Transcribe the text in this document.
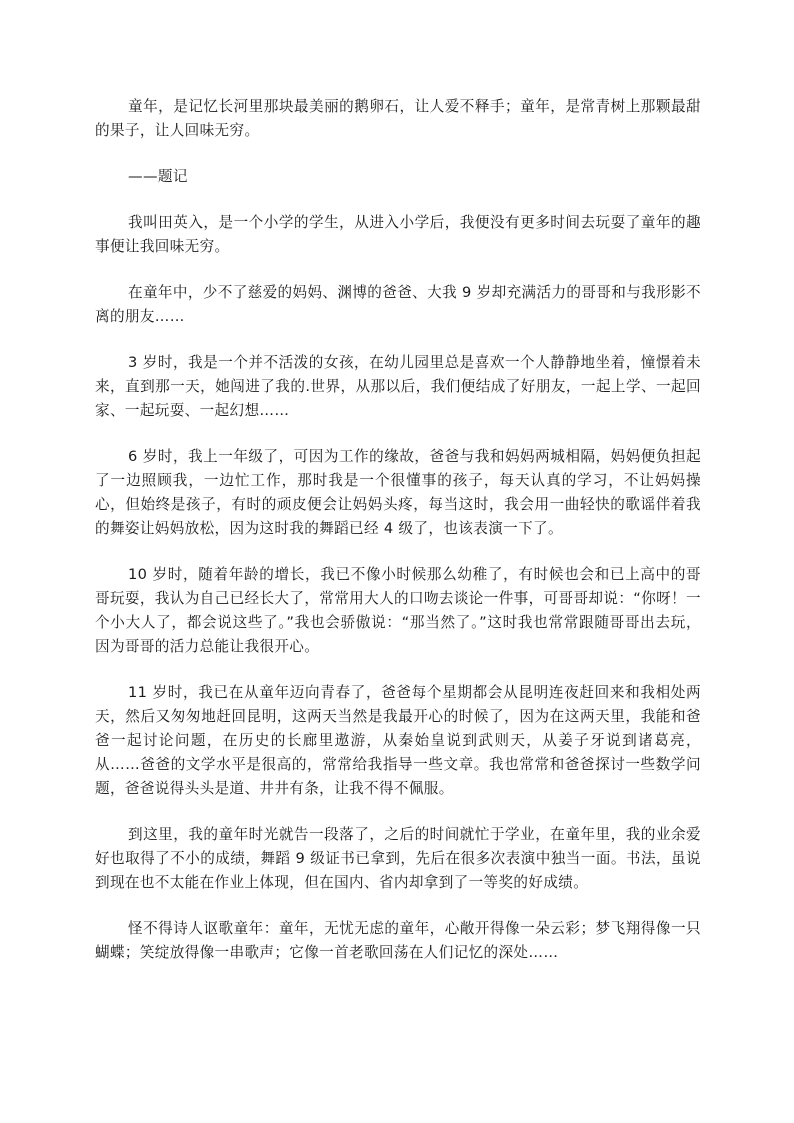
童年，是记忆长河里那块最美丽的鹅卵石，让人爱不释手；童年，是常青树上那颗最甜的果子，让人回味无穷。

——题记

我叫田英入，是一个小学的学生，从进入小学后，我便没有更多时间去玩耍了童年的趣事便让我回味无穷。

在童年中，少不了慈爱的妈妈、渊博的爸爸、大我 9 岁却充满活力的哥哥和与我形影不离的朋友……

3 岁时，我是一个并不活泼的女孩，在幼儿园里总是喜欢一个人静静地坐着，憧憬着未来，直到那一天，她闯进了我的.世界，从那以后，我们便结成了好朋友，一起上学、一起回家、一起玩耍、一起幻想……

6 岁时，我上一年级了，可因为工作的缘故，爸爸与我和妈妈两城相隔，妈妈便负担起了一边照顾我，一边忙工作，那时我是一个很懂事的孩子，每天认真的学习，不让妈妈操心，但始终是孩子，有时的顽皮便会让妈妈头疼，每当这时，我会用一曲轻快的歌谣伴着我的舞姿让妈妈放松，因为这时我的舞蹈已经 4 级了，也该表演一下了。

10 岁时，随着年龄的增长，我已不像小时候那么幼稚了，有时候也会和已上高中的哥哥玩耍，我认为自己已经长大了，常常用大人的口吻去谈论一件事，可哥哥却说：“你呀！一个小大人了，都会说这些了。”我也会骄傲说：“那当然了。”这时我也常常跟随哥哥出去玩，因为哥哥的活力总能让我很开心。

11 岁时，我已在从童年迈向青春了，爸爸每个星期都会从昆明连夜赶回来和我相处两天，然后又匆匆地赶回昆明，这两天当然是我最开心的时候了，因为在这两天里，我能和爸爸一起讨论问题，在历史的长廊里遨游，从秦始皇说到武则天，从姜子牙说到诸葛亮，从……爸爸的文学水平是很高的，常常给我指导一些文章。我也常常和爸爸探讨一些数学问题，爸爸说得头头是道、井井有条，让我不得不佩服。

到这里，我的童年时光就告一段落了，之后的时间就忙于学业，在童年里，我的业余爱好也取得了不小的成绩，舞蹈 9 级证书已拿到，先后在很多次表演中独当一面。书法，虽说到现在也不太能在作业上体现，但在国内、省内却拿到了一等奖的好成绩。

怪不得诗人讴歌童年：童年，无忧无虑的童年，心敞开得像一朵云彩；梦飞翔得像一只蝴蝶；笑绽放得像一串歌声；它像一首老歌回荡在人们记忆的深处……
